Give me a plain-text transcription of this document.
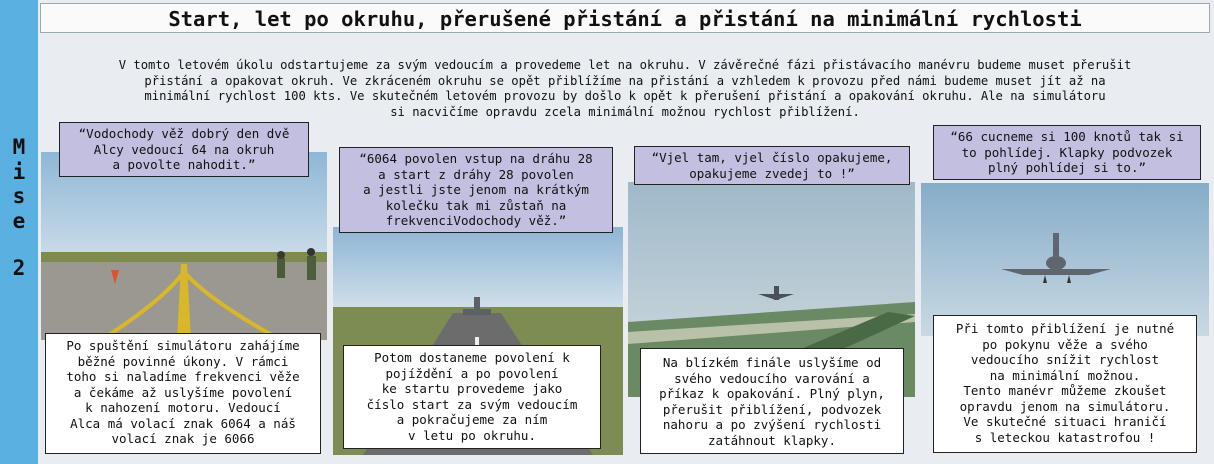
M
i
s
e
2
Start, let po okruhu, přerušené přistání a přistání na minimální rychlosti
V tomto letovém úkolu odstartujeme za svým vedoucím a provedeme let na okruhu. V závěrečné fázi přistávacího manévru budeme muset přerušit
přistání a opakovat okruh. Ve zkráceném okruhu se opět přiblížíme na přistání a vzhledem k provozu před námi budeme muset jít až na
minimální rychlost 100 kts. Ve skutečném letovém provozu by došlo k opět k přerušení přistání a opakování okruhu. Ale na simulátoru
si nacvičíme opravdu zcela minimální možnou rychlost přiblížení.
“Vodochody věž dobrý den dvě
Alcy vedoucí 64 na okruh
a povolte nahodit.”	“6064 povolen vstup na dráhu 28
a start z dráhy 28 povolen
a jestli jste jenom na krátkým
kolečku tak mi zůstaň na
frekvenciVodochody věž.”
“Vjel tam, vjel číslo opakujeme,
opakujeme zvedej to !”
“66 cucneme si 100 knotů tak si
to pohlídej. Klapky podvozek
plný pohlídej si to.”
Po spuštění simulátoru zahájíme
běžné povinné úkony. V rámci
toho si naladíme frekvenci věže
a čekáme až uslyšíme povolení
k nahození motoru. Vedoucí
Alca má volací znak 6064 a náš
volací znak je 6066
Potom dostaneme povolení k
pojíždění a po povolení
ke startu provedeme jako
číslo start za svým vedoucím
a pokračujeme za ním
v letu po okruhu.
Na blízkém finále uslyšíme od
svého vedoucího varování a
příkaz k opakování. Plný plyn,
přerušit přiblížení, podvozek
nahoru a po zvýšení rychlosti
zatáhnout klapky.
Při tomto přiblížení je nutné
po pokynu věže a svého
vedoucího snížit rychlost
na minimální možnou.
Tento manévr můžeme zkoušet
opravdu jenom na simulátoru.
Ve skutečné situaci hraničí
s leteckou katastrofou !
